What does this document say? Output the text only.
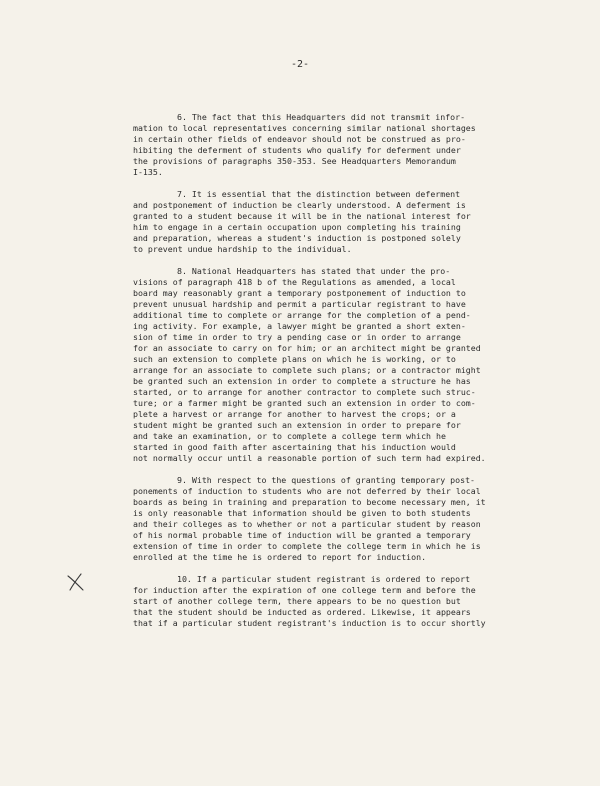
-2-
6. The fact that this Headquarters did not transmit infor-
mation to local representatives concerning similar national shortages
in certain other fields of endeavor should not be construed as pro-
hibiting the deferment of students who qualify for deferment under
the provisions of paragraphs 350-353. See Headquarters Memorandum
I-135.
7. It is essential that the distinction between deferment
and postponement of induction be clearly understood. A deferment is
granted to a student because it will be in the national interest for
him to engage in a certain occupation upon completing his training
and preparation, whereas a student's induction is postponed solely
to prevent undue hardship to the individual.
8. National Headquarters has stated that under the pro-
visions of paragraph 418 b of the Regulations as amended, a local
board may reasonably grant a temporary postponement of induction to
prevent unusual hardship and permit a particular registrant to have
additional time to complete or arrange for the completion of a pend-
ing activity. For example, a lawyer might be granted a short exten-
sion of time in order to try a pending case or in order to arrange
for an associate to carry on for him; or an architect might be granted
such an extension to complete plans on which he is working, or to
arrange for an associate to complete such plans; or a contractor might
be granted such an extension in order to complete a structure he has
started, or to arrange for another contractor to complete such struc-
ture; or a farmer might be granted such an extension in order to com-
plete a harvest or arrange for another to harvest the crops; or a
student might be granted such an extension in order to prepare for
and take an examination, or to complete a college term which he
started in good faith after ascertaining that his induction would
not normally occur until a reasonable portion of such term had expired.
9. With respect to the questions of granting temporary post-
ponements of induction to students who are not deferred by their local
boards as being in training and preparation to become necessary men, it
is only reasonable that information should be given to both students
and their colleges as to whether or not a particular student by reason
of his normal probable time of induction will be granted a temporary
extension of time in order to complete the college term in which he is
enrolled at the time he is ordered to report for induction.
10. If a particular student registrant is ordered to report
for induction after the expiration of one college term and before the
start of another college term, there appears to be no question but
that the student should be inducted as ordered. Likewise, it appears
that if a particular student registrant's induction is to occur shortly
